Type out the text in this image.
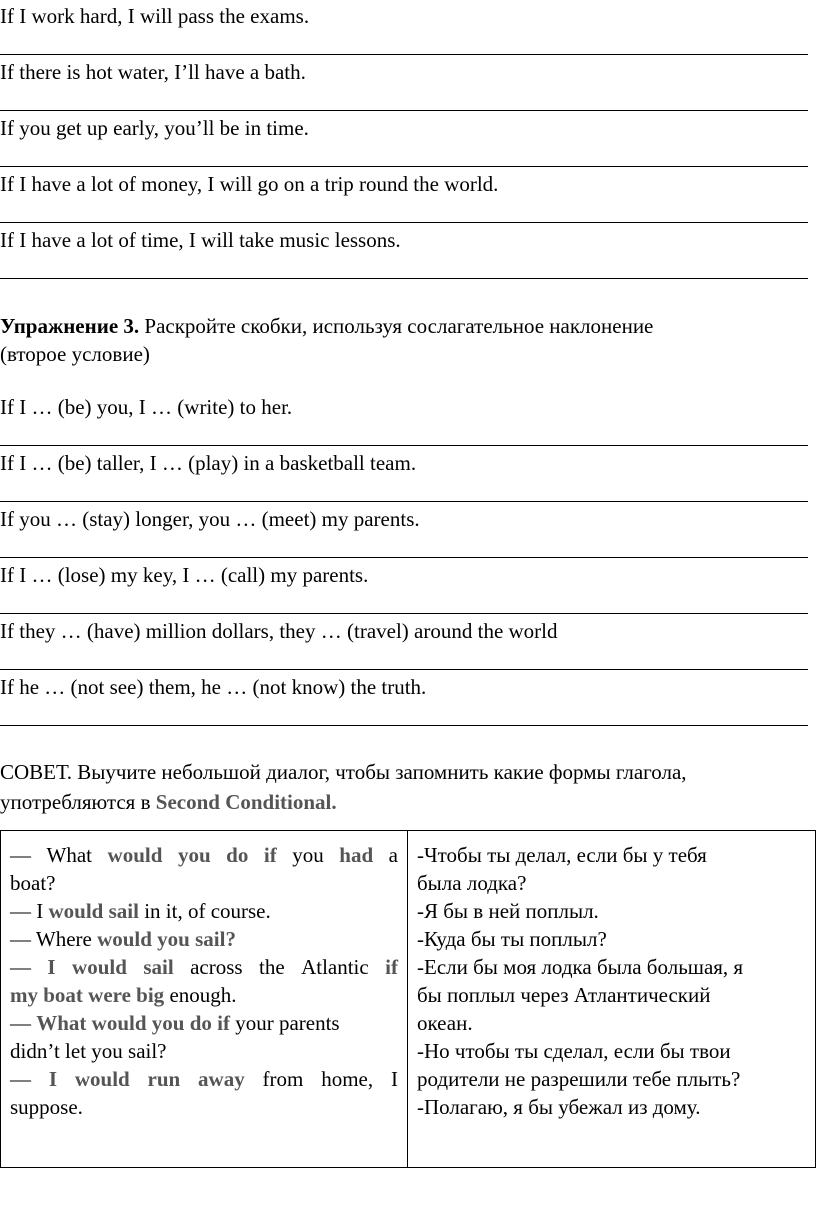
If I work hard, I will pass the exams.
If there is hot water, I’ll have a bath.
If you get up early, you’ll be in time.
If I have a lot of money, I will go on a trip round the world.
If I have a lot of time, I will take music lessons.
Упражнение 3. Раскройте скобки, используя сослагательное наклонение
(второе условие)
If I … (be) you, I … (write) to her.
If I … (be) taller, I … (play) in a basketball team.
If you … (stay) longer, you … (meet) my parents.
If I … (lose) my key, I … (call) my parents.
If they … (have) million dollars, they … (travel) around the world
If he … (not see) them, he … (not know) the truth.
СОВЕТ. Выучите небольшой диалог, чтобы запомнить какие формы глагола,
употребляются в Second Conditional.
— What would you do if you had a
boat?
— I would sail in it, of course.
— Where would you sail?
— I would sail across the Atlantic if
my boat were big enough.
— What would you do if your parents
didn’t let you sail?
— I would run away from home, I
suppose.
-Чтобы ты делал, если бы у тебя
была лодка?
-Я бы в ней поплыл.
-Куда бы ты поплыл?
-Если бы моя лодка была большая, я
бы поплыл через Атлантический
океан.
-Но чтобы ты сделал, если бы твои
родители не разрешили тебе плыть?
-Полагаю, я бы убежал из дому.
